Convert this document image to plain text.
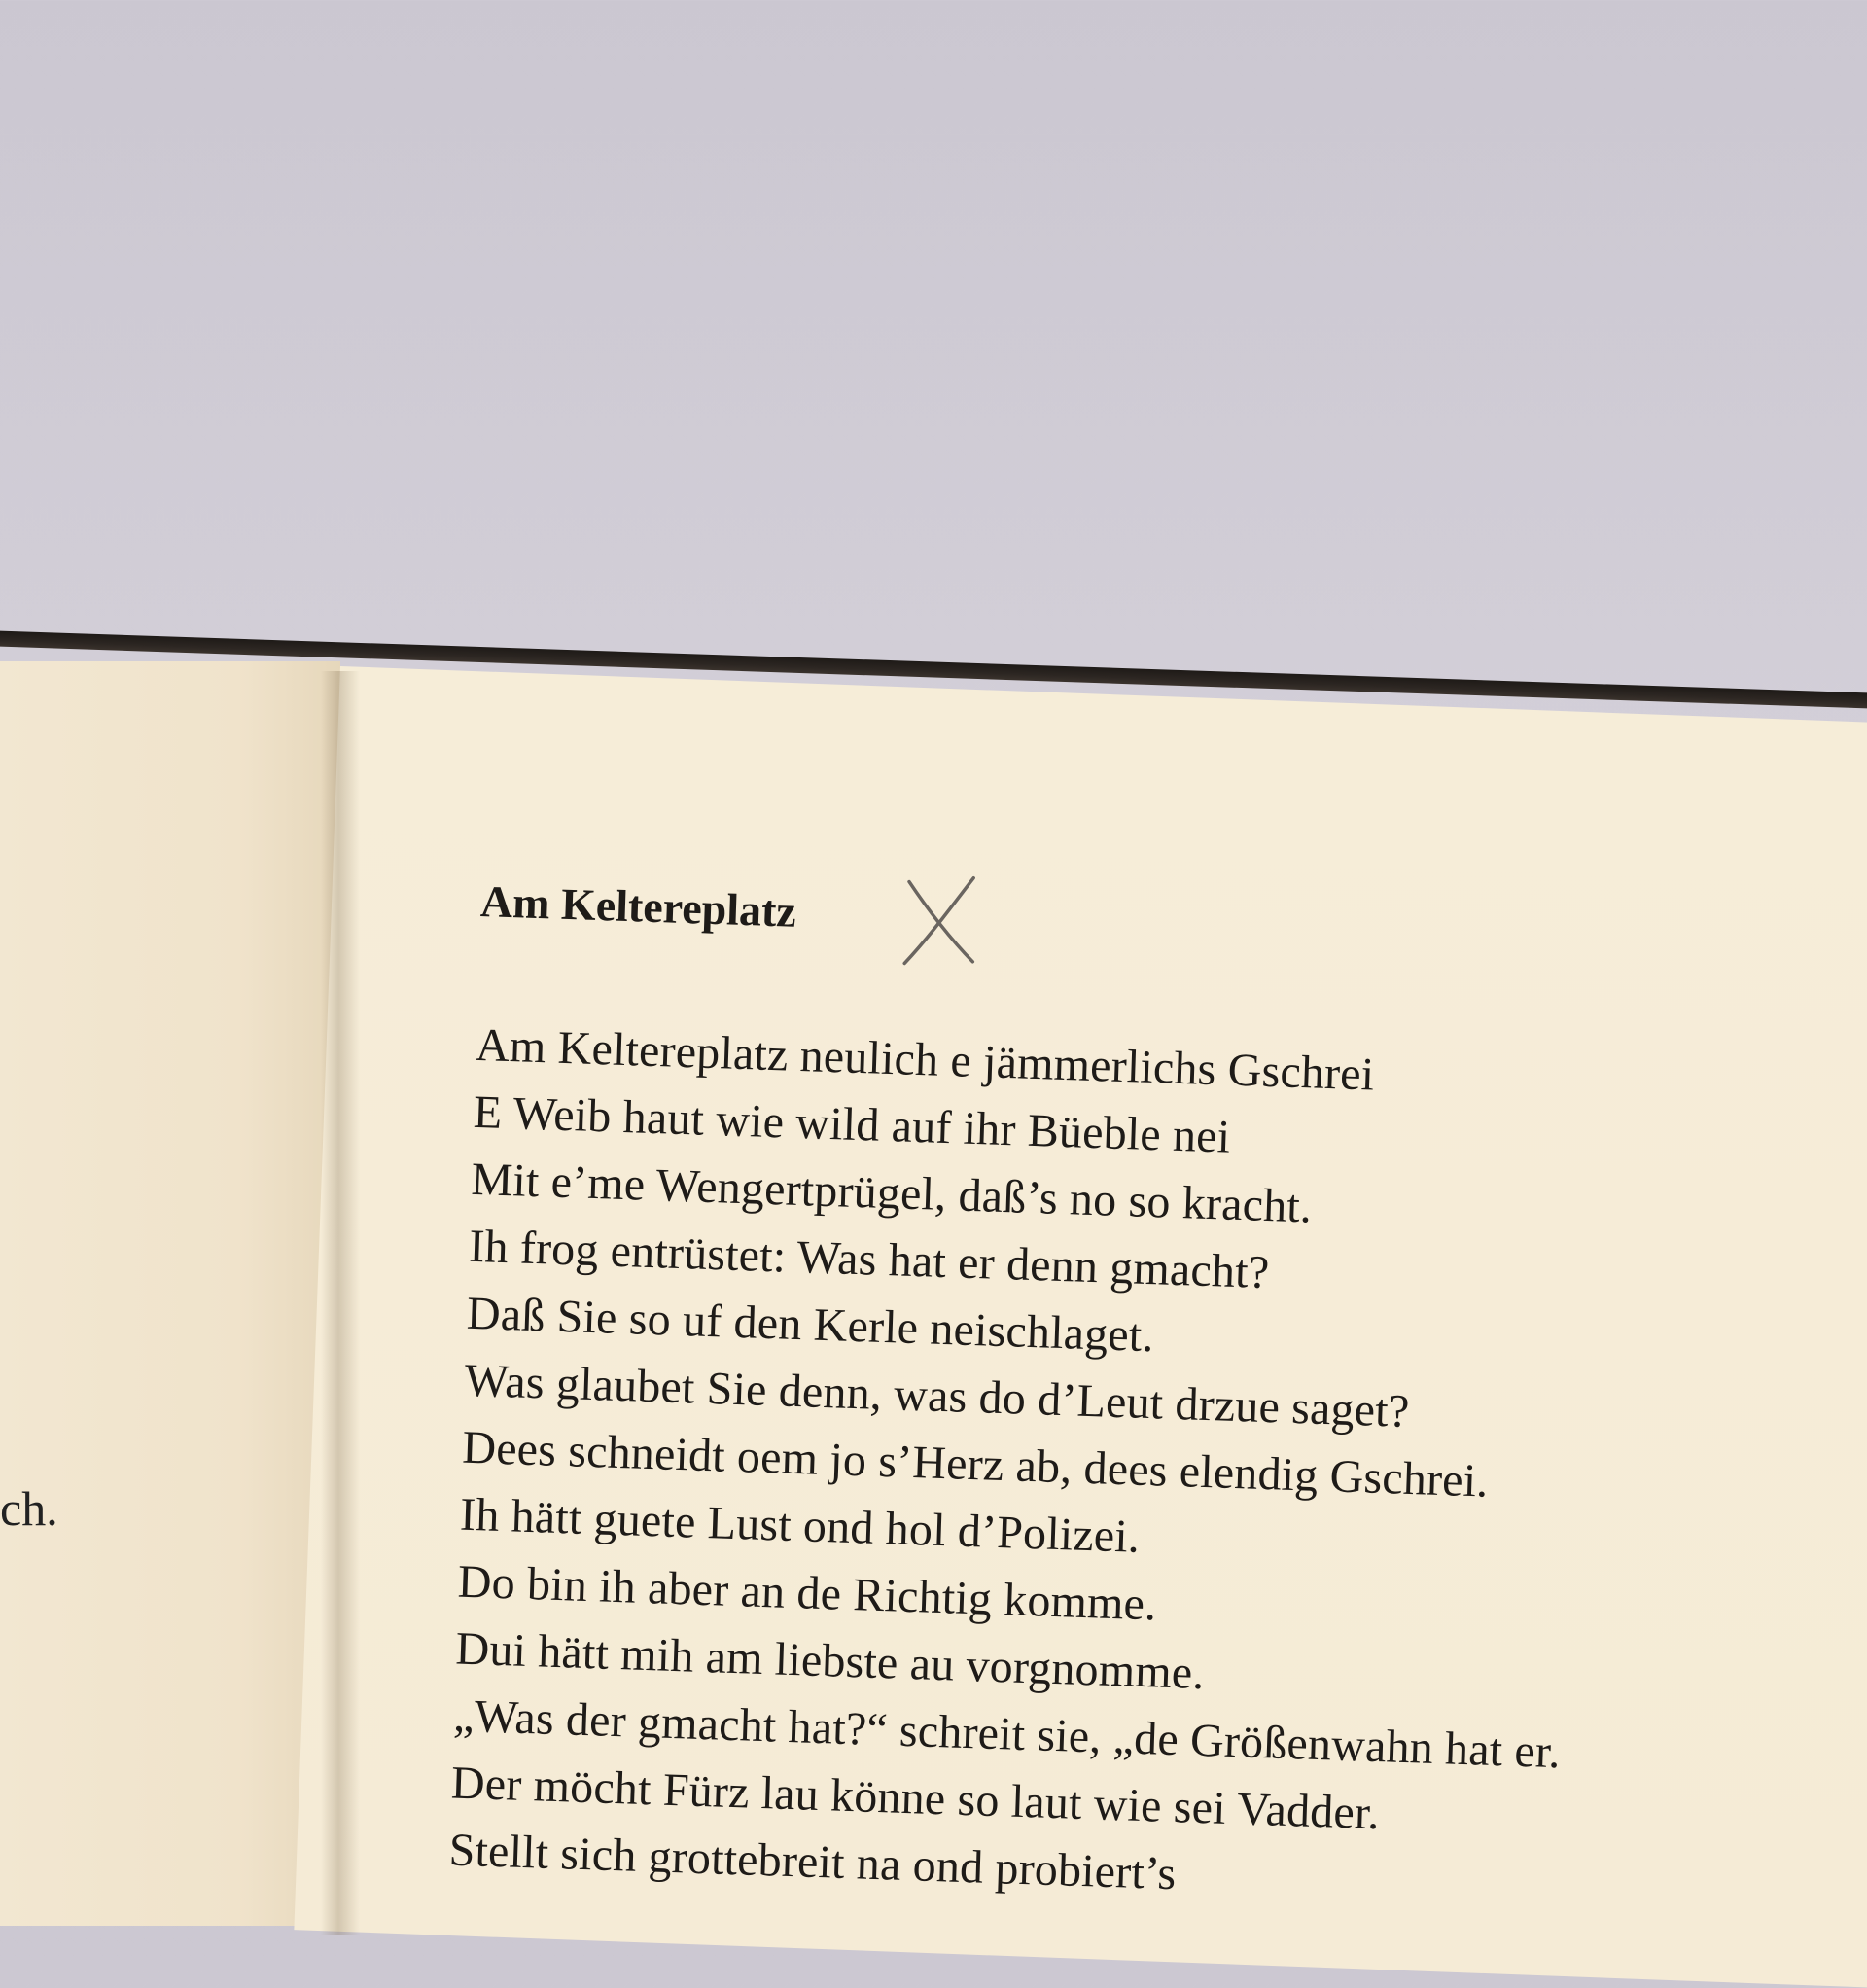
ch.
Am Keltereplatz
Am Keltereplatz neulich e jämmerlichs Gschrei
E Weib haut wie wild auf ihr Büeble nei
Mit e’me Wengertprügel, daß’s no so kracht.
Ih frog entrüstet: Was hat er denn gmacht?
Daß Sie so uf den Kerle neischlaget.
Was glaubet Sie denn, was do d’Leut drzue saget?
Dees schneidt oem jo s’Herz ab, dees elendig Gschrei.
Ih hätt guete Lust ond hol d’Polizei.
Do bin ih aber an de Richtig komme.
Dui hätt mih am liebste au vorgnomme.
„Was der gmacht hat?“ schreit sie, „de Größenwahn hat er.
Der möcht Fürz lau könne so laut wie sei Vadder.
Stellt sich grottebreit na ond probiert’s
